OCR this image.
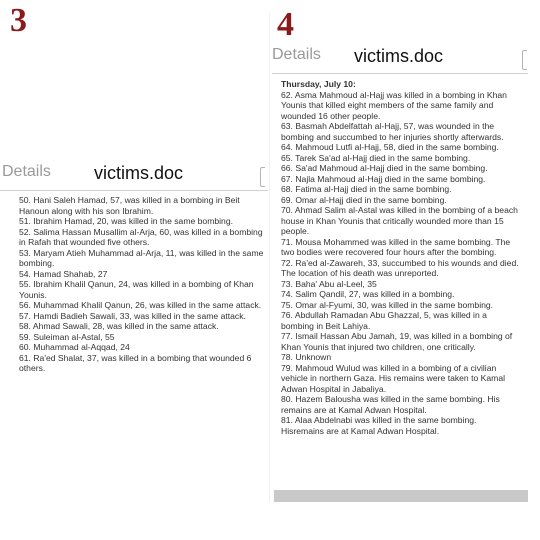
3	4
Details victims.doc
Details victims.doc

50. Hani Saleh Hamad, 57, was killed in a bombing in Beit Hanoun along with his son Ibrahim.

51. Ibrahim Hamad, 20, was killed in the same bombing.

52. Salima Hassan Musallim al-Arja, 60, was killed in a bombing in Rafah that wounded five others.

53. Maryam Atieh Muhammad al-Arja, 11, was killed in the same bombing.

54. Hamad Shahab, 27

55. Ibrahim Khalil Qanun, 24, was killed in a bombing of Khan Younis.

56. Muhammad Khalil Qanun, 26, was killed in the same attack.

57. Hamdi Badieh Sawali, 33, was killed in the same attack.

58. Ahmad Sawali, 28, was killed in the same attack.

59. Suleiman al-Astal, 55

60. Muhammad al-Aqqad, 24

61. Ra'ed Shalat, 37, was killed in a bombing that wounded 6 others.

Thursday, July 10:

62. Asma Mahmoud al-Hajj was killed in a bombing in Khan Younis that killed eight members of the same family and wounded 16 other people.

63. Basmah Abdelfattah al-Hajj, 57, was wounded in the bombing and succumbed to her injuries shortly afterwards.

64. Mahmoud Lutfi al-Hajj, 58, died in the same bombing.

65. Tarek Sa'ad al-Hajj died in the same bombing.

66. Sa'ad Mahmoud al-Hajj died in the same bombing.

67. Najla Mahmoud al-Hajj died in the same bombing.

68. Fatima al-Hajj died in the same bombing.

69. Omar al-Hajj died in the same bombing.

70. Ahmad Salim al-Astal was killed in the bombing of a beach house in Khan Younis that critically wounded more than 15 people.

71. Mousa Mohammed was killed in the same bombing. The two bodies were recovered four hours after the bombing.

72. Ra'ed al-Zawareh, 33, succumbed to his wounds and died. The location of his death was unreported.

73. Baha' Abu al-Leel, 35

74. Salim Qandil, 27, was killed in a bombing.

75. Omar al-Fyumi, 30, was killed in the same bombing.

76. Abdullah Ramadan Abu Ghazzal, 5, was killed in a bombing in Beit Lahiya.

77. Ismail Hassan Abu Jamah, 19, was killed in a bombing of Khan Younis that injured two children, one critically.

78. Unknown

79. Mahmoud Wulud was killed in a bombing of a civilian vehicle in northern Gaza. His remains were taken to Kamal Adwan Hospital in Jabaliya.

80. Hazem Balousha was killed in the same bombing. His remains are at Kamal Adwan Hospital.

81. Alaa Abdelnabi was killed in the same bombing. Hisremains are at Kamal Adwan Hospital.
